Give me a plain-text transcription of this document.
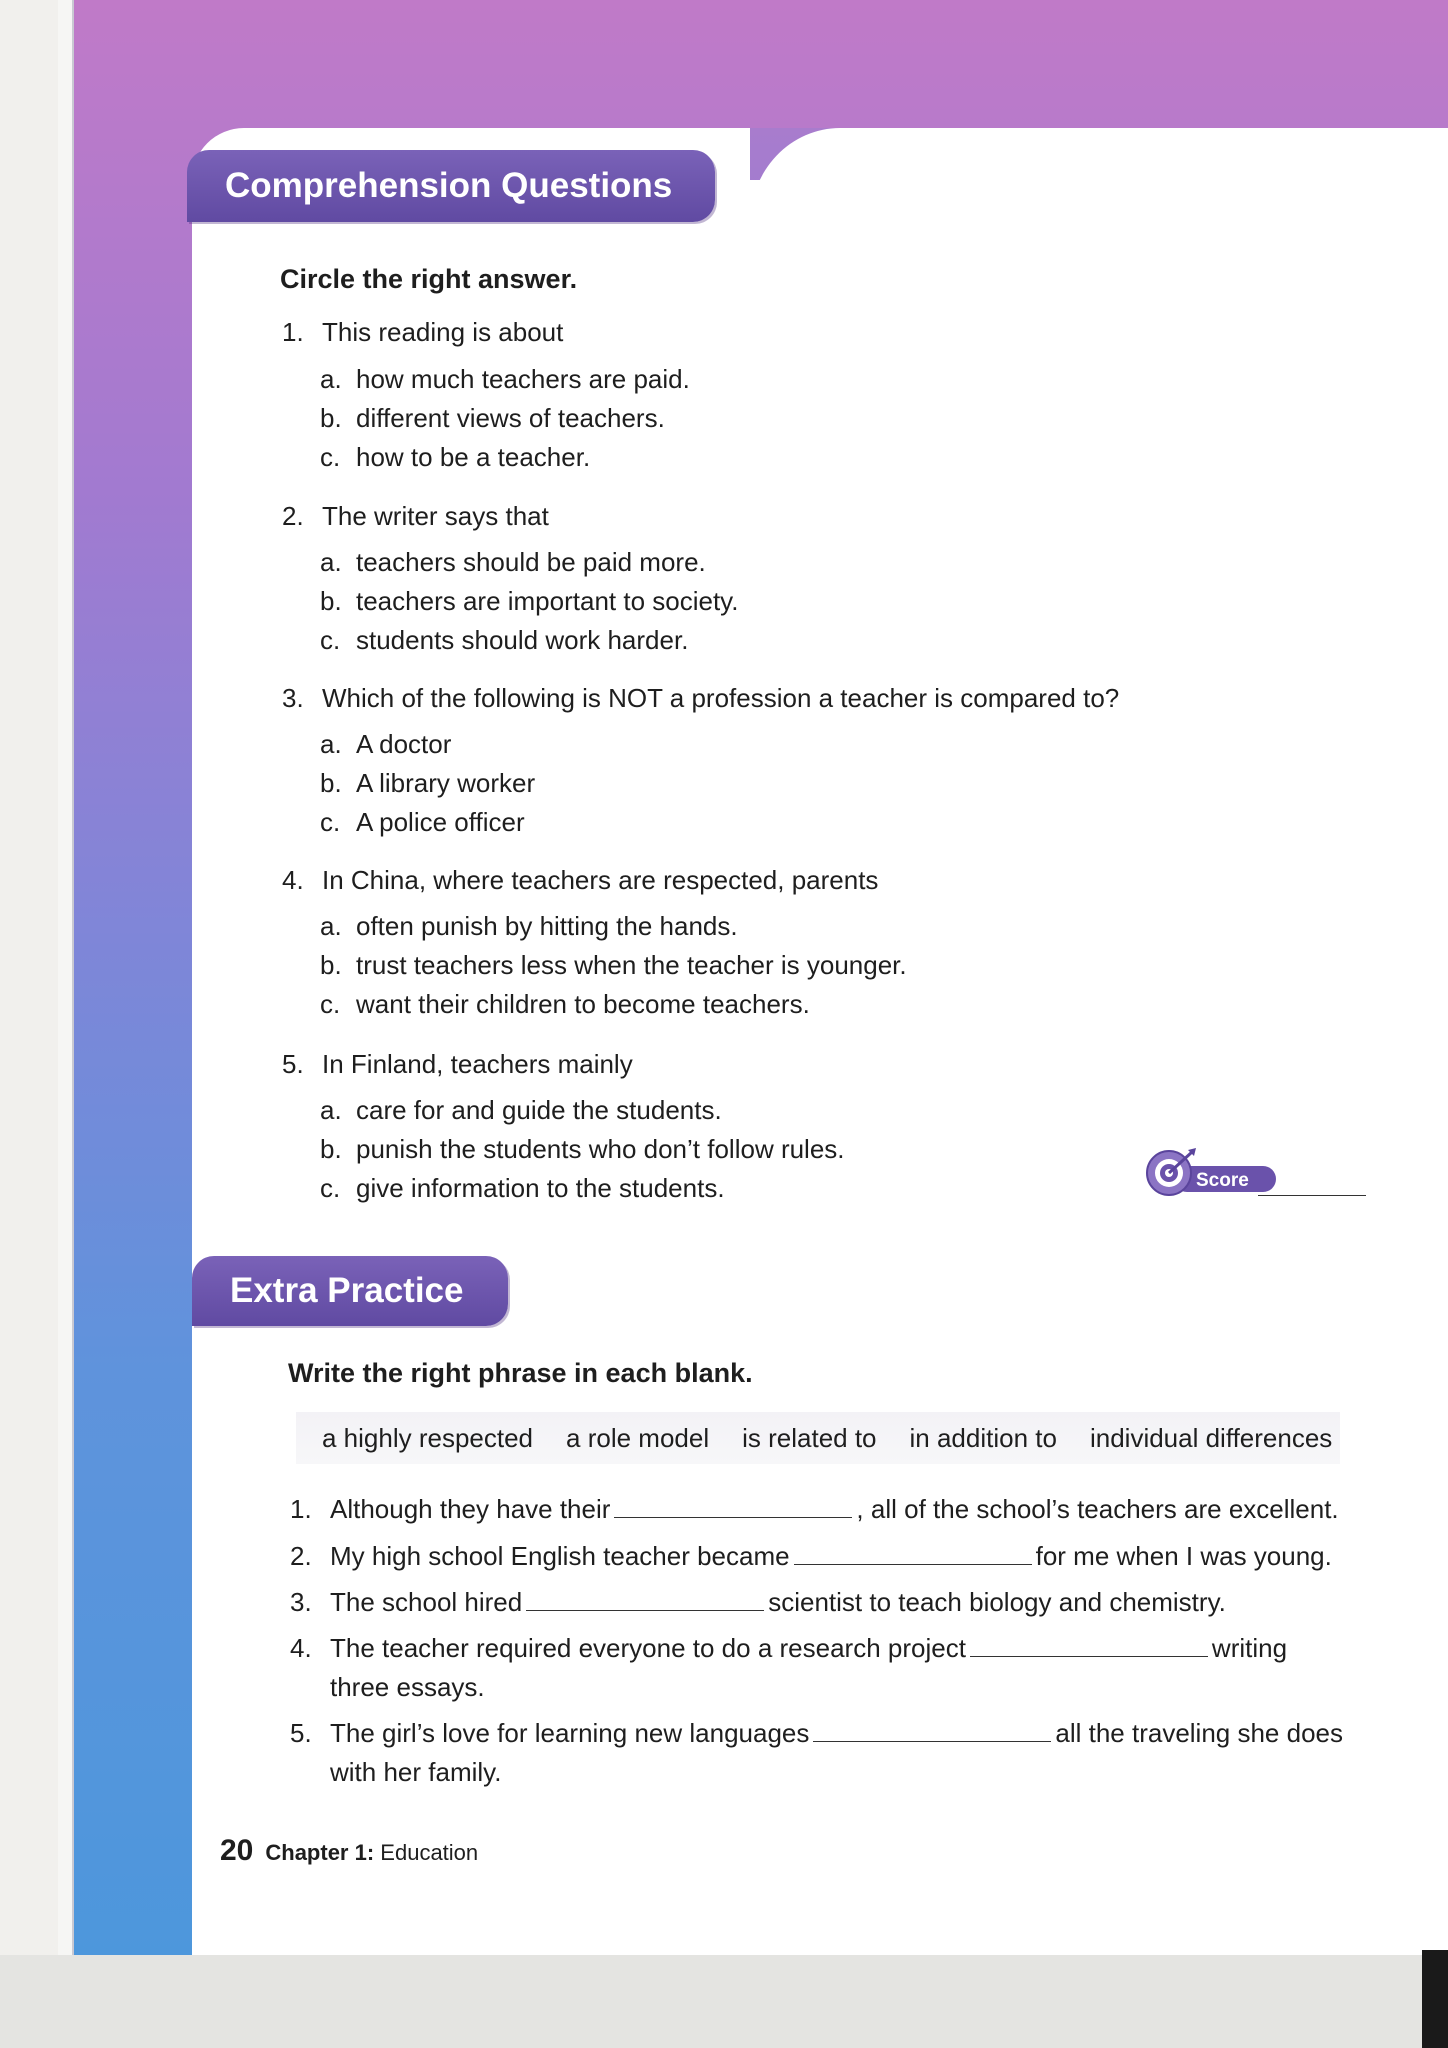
Comprehension Questions
Circle the right answer.
1. This reading is about
a. how much teachers are paid.
b. different views of teachers.
c. how to be a teacher.
2. The writer says that
a. teachers should be paid more.
b. teachers are important to society.
c. students should work harder.
3. Which of the following is NOT a profession a teacher is compared to?
a. A doctor
b. A library worker
c. A police officer
4. In China, where teachers are respected, parents
a. often punish by hitting the hands.
b. trust teachers less when the teacher is younger.
c. want their children to become teachers.
5. In Finland, teachers mainly
a. care for and guide the students.
b. punish the students who don’t follow rules.
c. give information to the students.	Score
Extra Practice
Write the right phrase in each blank.
a highly respected a role model is related to in addition to individual differences
1. Although they have their	, all of the school’s teachers are excellent.
2. My high school English teacher became	for me when I was young.
3. The school hired	scientist to teach biology and chemistry.
4. The teacher required everyone to do a research project	writing
three essays.
5. The girl’s love for learning new languages	all the traveling she does
with her family.
20 Chapter 1: Education
